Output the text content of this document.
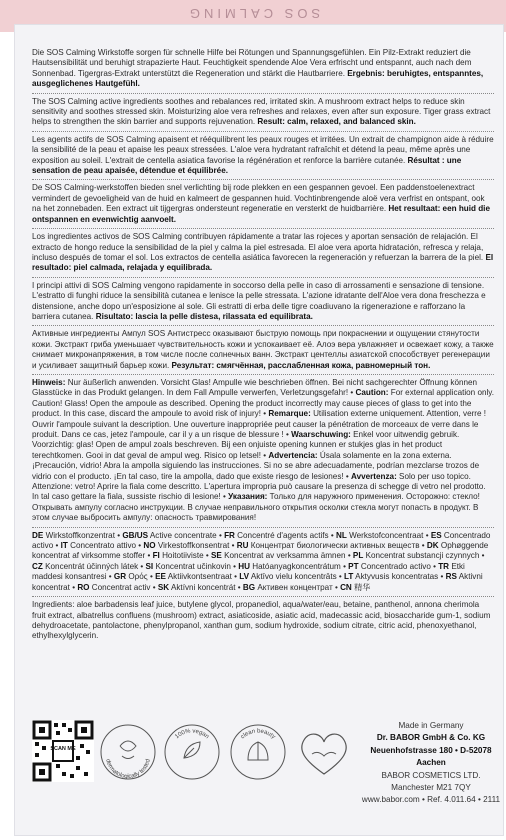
SOS CALMING

Die SOS Calming Wirkstoffe sorgen für schnelle Hilfe bei Rötungen und Spannungsgefühlen. Ein Pilz-Extrakt reduziert die Hautsensibilität und beruhigt strapazierte Haut. Feuchtigkeit spendende Aloe Vera erfrischt und entspannt, auch nach dem Sonnenbad. Tigergras-Extrakt unterstützt die Regeneration und stärkt die Hautbarriere. Ergebnis: beruhigtes, entspanntes, ausgeglichenes Hautgefühl.

The SOS Calming active ingredients soothes and rebalances red, irritated skin. A mushroom extract helps to reduce skin sensitivity and soothes stressed skin. Moisturizing aloe vera refreshes and relaxes, even after sun exposure. Tiger grass extract helps to strengthen the skin barrier and supports rejuvenation. Result: calm, relaxed, and balanced skin.

Les agents actifs de SOS Calming apaisent et rééquilibrent les peaux rouges et irritées. Un extrait de champignon aide à réduire la sensibilité de la peau et apaise les peaux stressées. L'aloe vera hydratant rafraîchit et détend la peau, même après une exposition au soleil. L'extrait de centella asiatica favorise la régénération et renforce la barrière cutanée. Résultat : une sensation de peau apaisée, détendue et équilibrée.

De SOS Calming-werkstoffen bieden snel verlichting bij rode plekken en een gespannen gevoel. Een paddenstoelenextract vermindert de gevoeligheid van de huid en kalmeert de gespannen huid. Vochtinbrengende aloë vera verfrist en ontspant, ook na het zonnebaden. Een extract uit tijgergras ondersteunt regeneratie en versterkt de huidbarrière. Het resultaat: een huid die ontspannen en evenwichtig aanvoelt.

Los ingredientes activos de SOS Calming contribuyen rápidamente a tratar las rojeces y aportan sensación de relajación. El extracto de hongo reduce la sensibilidad de la piel y calma la piel estresada. El aloe vera aporta hidratación, refresca y relaja, incluso después de tomar el sol. Los extractos de centella asiática favorecen la regeneración y refuerzan la barrera de la piel. El resultado: piel calmada, relajada y equilibrada.

I principi attivi di SOS Calming vengono rapidamente in soccorso della pelle in caso di arrossamenti e sensazione di tensione. L'estratto di funghi riduce la sensibilità cutanea e lenisce la pelle stressata. L'azione idratante dell'Aloe vera dona freschezza e distensione, anche dopo un'esposizione al sole. Gli estratti di erba delle tigre coadiuvano la rigenerazione e rafforzano la barriera cutanea. Risultato: lascia la pelle distesa, rilassata ed equilibrata.

Активные ингредиенты Ампул SOS Антистресс оказывают быструю помощь при покраснении и ощущении стянутости кожи. Экстракт гриба уменьшает чувствительность кожи и успокаивает её. Алоэ вера увлажняет и освежает кожу, а также снимает микронапряжения, в том числе после солнечных ванн. Экстракт центеллы азиатской способствует регенерации и усиливает защитный барьер кожи. Результат: смягчённая, расслабленная кожа, равномерный тон.

Hinweis: Nur äußerlich anwenden. Vorsicht Glas! Ampulle wie beschrieben öffnen. Bei nicht sachgerechter Öffnung können Glasstücke in das Produkt gelangen. In dem Fall Ampulle verwerfen, Verletzungsgefahr! • Caution: For external application only. Caution! Glass! Open the ampoule as described. Opening the product incorrectly may cause pieces of glass to get into the product. In this case, discard the ampoule to avoid risk of injury! • Remarque: Utilisation externe uniquement. Attention, verre ! Ouvrir l'ampoule suivant la description. Une ouverture inappropriée peut causer la pénétration de morceaux de verre dans le produit. Dans ce cas, jetez l'ampoule, car il y a un risque de blessure ! • Waarschuwing: Enkel voor uitwendig gebruik. Voorzichtig: glas! Open de ampul zoals beschreven. Bij een onjuiste opening kunnen er stukjes glas in het product terechtkomen. Gooi in dat geval de ampul weg. Risico op letsel! • Advertencia: Úsala solamente en la zona externa. ¡Precaución, vidrio! Abra la ampolla siguiendo las instrucciones. Si no se abre adecuadamente, podrían mezclarse trozos de vidrio con el producto. ¡En tal caso, tire la ampolla, dado que existe riesgo de lesiones! • Avvertenza: Solo per uso topico. Attenzione: vetro! Aprire la fiala come descritto. L'apertura impropria può causare la presenza di schegge di vetro nel prodotto. In tal caso gettare la fiala, sussiste rischio di lesione! • Указания: Только для наружного применения. Осторожно: стекло! Открывать ампулу согласно инструкции. В случае неправильного открытия осколки стекла могут попасть в продукт. В этом случае выбросить ампулу: опасность травмирования!

DE Wirkstoffkonzentrat • GB/US Active concentrate • FR Concentré d'agents actifs • NL Werkstofconcentraat • ES Concentrado activo • IT Concentrato attivo • NO Virkestoffkonsentrat • RU Концентрат биологически активных веществ • DK Ophøggende koncentrat af virksomme stoffer • FI Hoitotiiviste • SE Koncentrat av verksamma ämnen • PL Koncentrat substancji czynnych • CZ Koncentrát účinných látek • SI Koncentrat učinkovin • HU Hatóanyagkoncentrátum • PT Concentrado activo • TR Etki maddesi konsantresi • GR Ορός • EE Aktiivkontsentraat • LV Aktīvo vielu koncentrāts • LT Aktyvusis koncentratas • RS Aktivni koncentrat • RO Concentrat activ • SK Aktívni koncentrát • BG Активен концентрат • CN 精华

Ingredients: aloe barbadensis leaf juice, butylene glycol, propanediol, aqua/water/eau, betaine, panthenol, annona cherimola fruit extract, albatrellus confluens (mushroom) extract, asiaticoside, asiatic acid, madecassic acid, biosaccharide gum-1, sodium dehydroacetate, pantolactone, phenylpropanol, xanthan gum, sodium hydroxide, sodium citrate, citric acid, phenoxyethanol, ethylhexylglycerin.

SCAN ME
dermatologically tested
100% vegan	clean beauty
Made in Germany
Dr. BABOR GmbH & Co. KG
Neuenhofstrasse 180 • D-52078 Aachen
BABOR COSMETICS LTD.
Manchester M21 7QY
www.babor.com • Ref. 4.011.64 • 2111
